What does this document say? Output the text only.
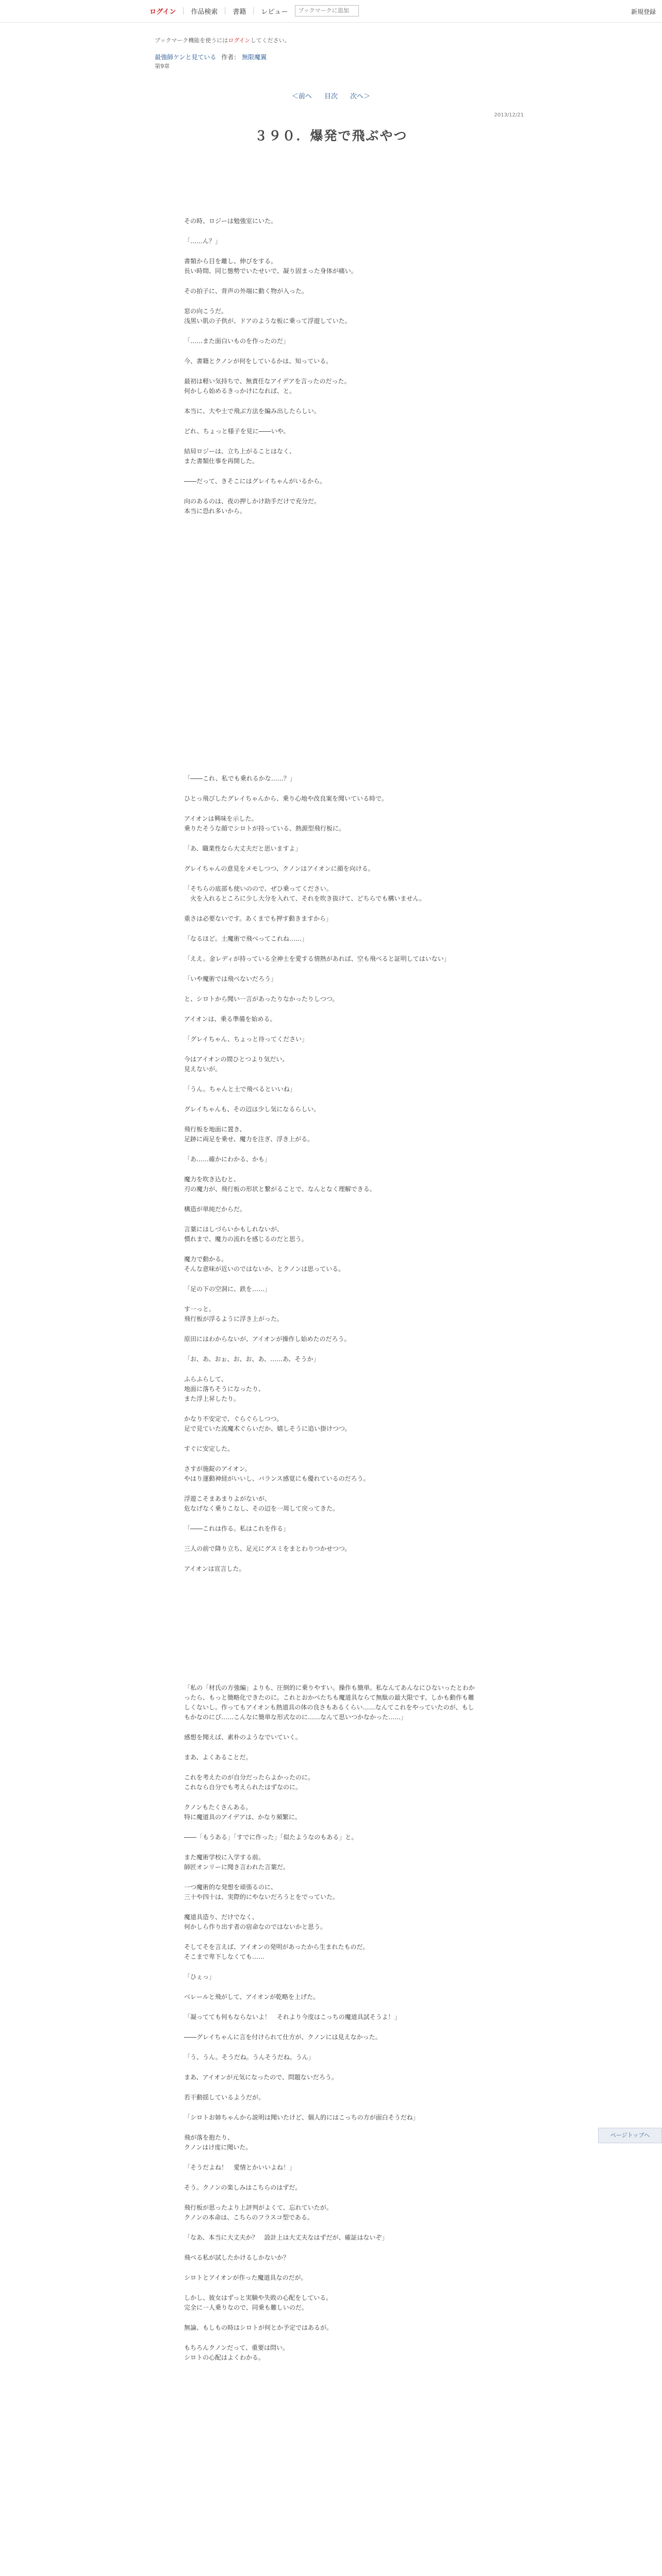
ログイン 作品検索 書籍 レビュー
ブックマークに追加	新規登録
ブックマーク機能を使うにはログインしてください。
最強師ケンと見ている 作者： 無限魔翼
第9章
＜前へ 目次 次へ＞
2013/12/21
３９０．爆発で飛ぶやつ

その時、ロジーは勉強室にいた。

「……ん？」

書類から目を離し、伸びをする。
長い時間、同じ態勢でいたせいで、凝り固まった身体が痛い。

その拍子に、背声の外端に動く物が入った。

窓の向こうだ。
浅黒い肌の子供が、ドアのような板に乗って浮遊していた。

「……また面白いものを作ったのだ」

今、書籍とクノンが何をしているかは、知っている。

最初は軽い気持ちで、無責任なアイデアを言ったのだった。
何かしら始めるきっかけになれば、と。

本当に、大や土で飛ぶ方法を編み出したらしい。

どれ、ちょっと様子を見に――いや。

結局ロジーは、立ち上がることはなく、
また書類仕事を再開した。

――だって、きそこにはグレイちゃんがいるから。

向のあるのは、夜の押しかけ助手だけで充分だ。
本当に恐れ多いから。

「――これ、私でも乗れるかな……？」

ひとっ飛びしたグレイちゃんから、乗り心地や改良案を聞いている時で。

アイオンは興味を示した。
乗りたそうな顔でシロトが持っている、熱源型飛行板に。

「あ、職業性なら大丈夫だと思いますよ」

グレイちゃんの意見をメモしつつ、クノンはアイオンに顔を向ける。

「そちらの底部も使いのので、ぜひ乗ってください。
　火を入れるところに少し大分を入れて、それを吹き抜けて、どちらでも構いません。

重さは必要ないです。あくまでも押す動きますから」

「なるほど。土魔術で飛べってこれね……」

「ええ。金レディが持っている全神士を愛する情熱があれば、空も飛べると証明してはいない」

「いや魔術では飛べないだろう」

と、シロトから聞い一言があったりなかったりしつつ。

アイオンは、乗る準備を始める。

「グレイちゃん、ちょっと待ってください」

今はアイオンの間ひとつより気だい。
見えないが。

「うん。ちゃんと土で飛べるといいね」

グレイちゃんも、その辺は少し気になるらしい。

飛行板を地面に置き、
足跡に両足を乗せ、魔力を注ぎ、浮き上がる。

「あ……確かにわかる、かも」

魔力を吹き込むと、
刃の魔力が、飛行板の形状と繋がることで、なんとなく理解できる。

構造が単純だからだ。

言葉にはしづらいかもしれないが、
慣れまで、魔力の流れを感じるのだと思う。

魔力で動かる。
そんな意味が近いのではないか、とクノンは思っている。

「足の下の空洞に、鉄を……」

す一っと。
飛行板が浮るように浮き上がった。

原田にはわからないが、アイオンが操作し始めたのだろう。

「お、あ、おぉ、お、お、あ、……あ、そうか」

ふらふらして、
地面に落ちそうになったり、
また浮上昇したり。

かなり不安定で、ぐらぐらしつつ。
足で見ていた流魔术ぐらいだか、嬉しそうに追い掛けつつ。

すぐに安定した。

さすが施錠のアイオン。
やはり運動神経がいいし、バランス感覚にも優れているのだろう。

浮遊こそまあまりよがないが、
危なげなく乗りこなし、その辺を一周して戻ってきた。

「――これは作る。私はこれを作る」

三人の前で降り立ち、足元にグスミをまとわりつかせつつ。

アイオンは宣言した。

「私の「材氏の方強編」よりも、圧倒的に乗りやすい。操作も簡単。私なんてあんなにひないったとわかったら、もっと簡略化できたのに。これとおかべたちも魔道具ならて無駄の最大限です、しかも動作も難しくないし。作ってもアイオンも熱道具の体の良さもあるくらい……なんてこれをやっていたのが、もしもかなのにぴ……こんなに簡単な形式なのに……なんて思いつかなかった……」

感想を聞えば、素朴のようなでいていく。

まあ、よくあることだ。

これを考えたのが自分だったらよかったのに。
これなら自分でも考えられたはずなのに。

クノンもたくさんある。
特に魔道具のアイデアは、かなり頻繁に。

――「もうある」「すでに作った」「似たようなのもある」と。

また魔術学校に入学する前。
師匠オンリーに聞き言われた言葉だ。

一つ魔術的な発想を頑張るのに、
三十や四十は、実際的にやないだろうとをでっていた。

魔道具造り、だけでなく、
何かしら作り出す者の宿命なのではないかと思う。

そしてそを言えば、アイオンの発明があったから生まれたものだ。
そこまで卑下しなくても……

「ひぇっ」

ベレールと飛がして、アイオンが乾略を上げた。

「凝ってても何もならないよ！　それより今度はこっちの魔道具試そうよ！」

――グレイちゃんに言を付けられて仕方が、クノンには見えなかった。

「う、うん。そうだね。うんそうだね。うん」

まあ、アイオンが元気になったので、問題ないだろう。

若干動揺しているようだが。

「シロトお姉ちゃんから説明は聞いたけど、個人的にはこっちの方が面白そうだね」

飛が落を抱たり、
クノンはけ度に聞いた。

「そうだよね！　愛情とかいいよね！」

そう。クノンの楽しみはこちらのはずだ。

飛行板が思ったより上評判がよくて、忘れていたが。
クノンの本命は、こちらのフラスコ型である。

「なあ、本当に大丈夫か？　設計上は大丈夫なはずだが、確証はないぞ」

飛べる私が試したかけるしかないか？

シロトとアイオンが作った魔道具なのだが。

しかし、彼女はずっと実験や失敗の心配をしている。
完全に一人乗りなので、同乗も難しいのだ。

無論、もしもの時はシロトが何とか予定ではあるが。

もちろんクノンだって、重要は問い。
シロトの心配はよくわかる。

ページトップへ
